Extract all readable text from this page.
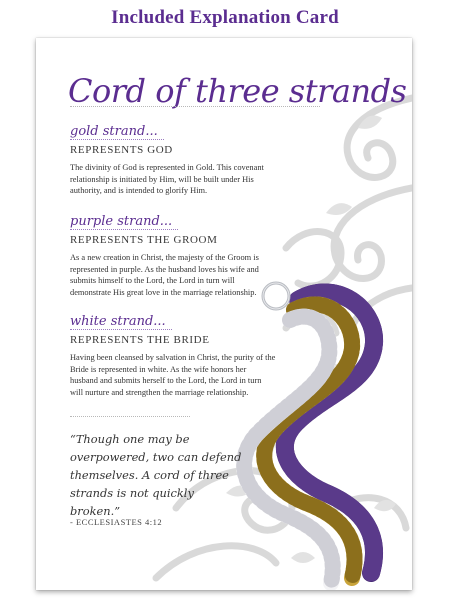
Included Explanation Card
Cord of three strands
gold strand...
REPRESENTS GOD
The divinity of God is represented in Gold. This covenant relationship is initiated by Him, will be built under His authority, and is intended to glorify Him.
purple strand...
REPRESENTS THE GROOM
As a new creation in Christ, the majesty of the Groom is represented in purple. As the husband loves his wife and submits himself to the Lord, the Lord in turn will demonstrate His great love in the marriage relationship.
white strand...
REPRESENTS THE BRIDE
Having been cleansed by salvation in Christ, the purity of the Bride is represented in white. As the wife honors her husband and submits herself to the Lord, the Lord in turn will nurture and strengthen the marriage relationship.
“Though one may be overpowered, two can defend themselves. A cord of three strands is not quickly broken.”
- ECCLESIASTES 4:12
